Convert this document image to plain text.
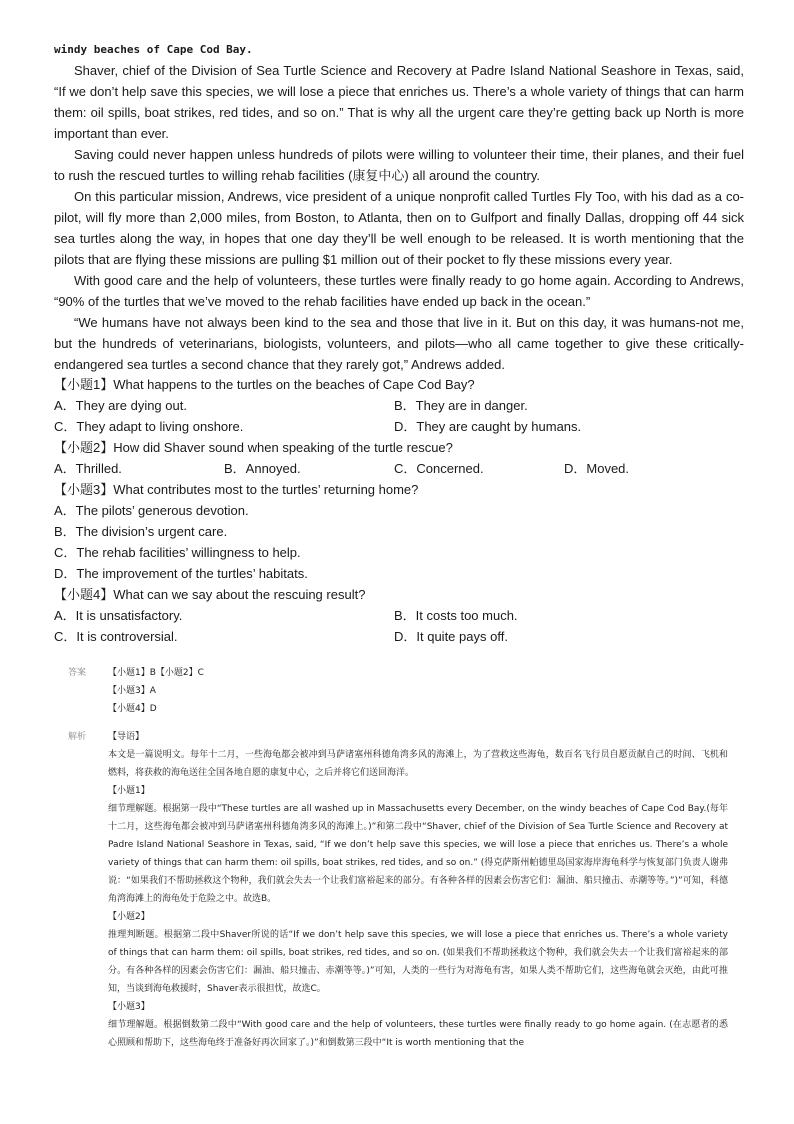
windy beaches of Cape Cod Bay.

Shaver, chief of the Division of Sea Turtle Science and Recovery at Padre Island National Seashore in Texas, said, “If we don’t help save this species, we will lose a piece that enriches us. There’s a whole variety of things that can harm them: oil spills, boat strikes, red tides, and so on.” That is why all the urgent care they’re getting back up North is more important than ever.

Saving could never happen unless hundreds of pilots were willing to volunteer their time, their planes, and their fuel to rush the rescued turtles to willing rehab facilities (康复中心) all around the country.

On this particular mission, Andrews, vice president of a unique nonprofit called Turtles Fly Too, with his dad as a co-pilot, will fly more than 2,000 miles, from Boston, to Atlanta, then on to Gulfport and finally Dallas, dropping off 44 sick sea turtles along the way, in hopes that one day they’ll be well enough to be released. It is worth mentioning that the pilots that are flying these missions are pulling $1 million out of their pocket to fly these missions every year.

With good care and the help of volunteers, these turtles were finally ready to go home again. According to Andrews, “90% of the turtles that we’ve moved to the rehab facilities have ended up back in the ocean.”

“We humans have not always been kind to the sea and those that live in it. But on this day, it was humans-not me, but the hundreds of veterinarians, biologists, volunteers, and pilots—who all came together to give these critically-endangered sea turtles a second chance that they rarely got,” Andrews added.

【小题1】What happens to the turtles on the beaches of Cape Cod Bay?

A．They are dying out.	B．They are in danger.
C．They adapt to living onshore.	D．They are caught by humans.

【小题2】How did Shaver sound when speaking of the turtle rescue?

A．Thrilled.	B．Annoyed.	C．Concerned.	D．Moved.

【小题3】What contributes most to the turtles’ returning home?

A．The pilots’ generous devotion.
B．The division’s urgent care.
C．The rehab facilities’ willingness to help.
D．The improvement of the turtles’ habitats.

【小题4】What can we say about the rescuing result?

A．It is unsatisfactory.	B．It costs too much.
C．It is controversial.	D．It quite pays off.
答案	【小题1】B【小题2】C
【小题3】A
【小题4】D
解析	【导语】
本文是一篇说明文。每年十二月，一些海龟都会被冲到马萨诸塞州科德角湾多风的海滩上，为了营救这些海龟，数百名飞行员自愿贡献自己的时间、飞机和燃料，将获救的海龟送往全国各地自愿的康复中心，之后并将它们送回海洋。
【小题1】
细节理解题。根据第一段中“These turtles are all washed up in Massachusetts every December, on the windy beaches of Cape Cod Bay.(每年十二月，这些海龟都会被冲到马萨诸塞州科德角湾多风的海滩上。)”和第二段中“Shaver, chief of the Division of Sea Turtle Science and Recovery at Padre Island National Seashore in Texas, said, “If we don’t help save this species, we will lose a piece that enriches us. There’s a whole variety of things that can harm them: oil spills, boat strikes, red tides, and so on.” (得克萨斯州帕德里岛国家海岸海龟科学与恢复部门负责人谢弗说：“如果我们不帮助拯救这个物种，我们就会失去一个让我们富裕起来的部分。有各种各样的因素会伤害它们：漏油、船只撞击、赤潮等等。”)”可知，科德角湾海滩上的海龟处于危险之中。故选B。
【小题2】
推理判断题。根据第二段中Shaver所说的话“If we don’t help save this species, we will lose a piece that enriches us. There’s a whole variety of things that can harm them: oil spills, boat strikes, red tides, and so on. (如果我们不帮助拯救这个物种，我们就会失去一个让我们富裕起来的部分。有各种各样的因素会伤害它们：漏油、船只撞击、赤潮等等。)”可知，人类的一些行为对海龟有害，如果人类不帮助它们，这些海龟就会灭绝，由此可推知，当谈到海龟救援时，Shaver表示很担忧，故选C。
【小题3】
细节理解题。根据倒数第二段中“With good care and the help of volunteers, these turtles were finally ready to go home again. (在志愿者的悉心照顾和帮助下，这些海龟终于准备好再次回家了。)”和倒数第三段中“It is worth mentioning that the
